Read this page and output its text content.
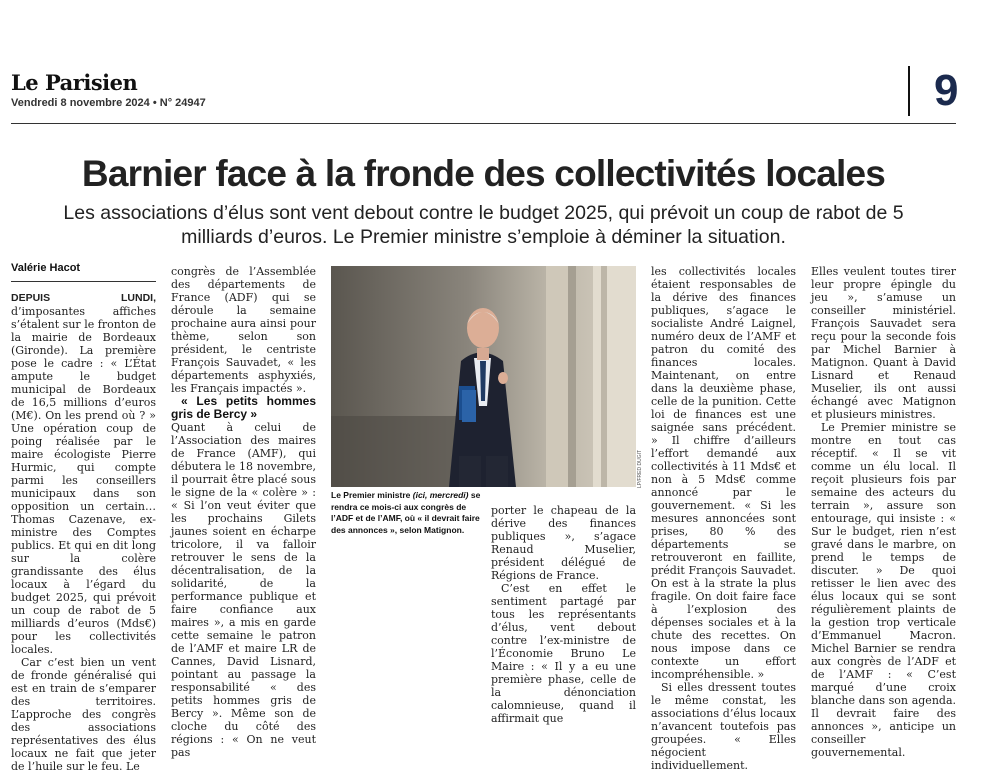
Le Parisien
Vendredi 8 novembre 2024 • N° 24947	9
Barnier face à la fronde des collectivités locales

Les associations d’élus sont vent debout contre le budget 2025, qui prévoit un coup de rabot de 5 milliards d’euros. Le Premier ministre s’emploie à déminer la situation.

Valérie Hacot

DEPUIS LUNDI, d’imposantes affiches s’étalent sur le fronton de la mairie de Bordeaux (Gironde). La première pose le cadre : « L’État ampute le budget municipal de Bordeaux de 16,5 millions d’euros (M€). On les prend où ? » Une opération coup de poing réalisée par le maire écologiste Pierre Hurmic, qui compte parmi les conseillers municipaux dans son opposition un certain… Thomas Cazenave, ex-ministre des Comptes publics. Et qui en dit long sur la colère grandissante des élus locaux à l’égard du budget 2025, qui prévoit un coup de rabot de 5 milliards d’euros (Mds€) pour les collectivités locales.

Car c’est bien un vent de fronde généralisé qui est en train de s’emparer des territoires. L’approche des congrès des associations représentatives des élus locaux ne fait que jeter de l’huile sur le feu. Le

congrès de l’Assemblée des départements de France (ADF) qui se déroule la semaine prochaine aura ainsi pour thème, selon son président, le centriste François Sauvadet, « les départements asphyxiés, les Français impactés ».

« Les petits hommes gris de Bercy »

Quant à celui de l’Association des maires de France (AMF), qui débutera le 18 novembre, il pourrait être placé sous le signe de la « colère » : « Si l’on veut éviter que les prochains Gilets jaunes soient en écharpe tricolore, il va falloir retrouver le sens de la décentralisation, de la solidarité, de la performance publique et faire confiance aux maires », a mis en garde cette semaine le patron de l’AMF et maire LR de Cannes, David Lisnard, pointant au passage la responsabilité « des petits hommes gris de Bercy ». Même son de cloche du côté des régions : « On ne veut pas

LP/FRED DUGIT
Le Premier ministre (ici, mercredi) se rendra ce mois-ci aux congrès de l’ADF et de l’AMF, où « il devrait faire des annonces », selon Matignon.

porter le chapeau de la dérive des finances publiques », s’agace Renaud Muselier, président délégué de Régions de France.

C’est en effet le sentiment partagé par tous les représentants d’élus, vent debout contre l’ex-ministre de l’Économie Bruno Le Maire : « Il y a eu une première phase, celle de la dénonciation calomnieuse, quand il affirmait que

les collectivités locales étaient responsables de la dérive des finances publiques, s’agace le socialiste André Laignel, numéro deux de l’AMF et patron du comité des finances locales. Maintenant, on entre dans la deuxième phase, celle de la punition. Cette loi de finances est une saignée sans précédent. » Il chiffre d’ailleurs l’effort demandé aux collectivités à 11 Mds€ et non à 5 Mds€ comme annoncé par le gouvernement. « Si les mesures annoncées sont prises, 80 % des départements se retrouveront en faillite, prédit François Sauvadet. On est à la strate la plus fragile. On doit faire face à l’explosion des dépenses sociales et à la chute des recettes. On nous impose dans ce contexte un effort incompréhensible. »

Si elles dressent toutes le même constat, les associations d’élus locaux n’avancent toutefois pas groupées. « Elles négocient individuellement.

Elles veulent toutes tirer leur propre épingle du jeu », s’amuse un conseiller ministériel. François Sauvadet sera reçu pour la seconde fois par Michel Barnier à Matignon. Quant à David Lisnard et Renaud Muselier, ils ont aussi échangé avec Matignon et plusieurs ministres.

Le Premier ministre se montre en tout cas réceptif. « Il se vit comme un élu local. Il reçoit plusieurs fois par semaine des acteurs du terrain », assure son entourage, qui insiste : « Sur le budget, rien n’est gravé dans le marbre, on prend le temps de discuter. » De quoi retisser le lien avec des élus locaux qui se sont régulièrement plaints de la gestion trop verticale d’Emmanuel Macron. Michel Barnier se rendra aux congrès de l’ADF et de l’AMF : « C’est marqué d’une croix blanche dans son agenda. Il devrait faire des annonces », anticipe un conseiller gouvernemental.
